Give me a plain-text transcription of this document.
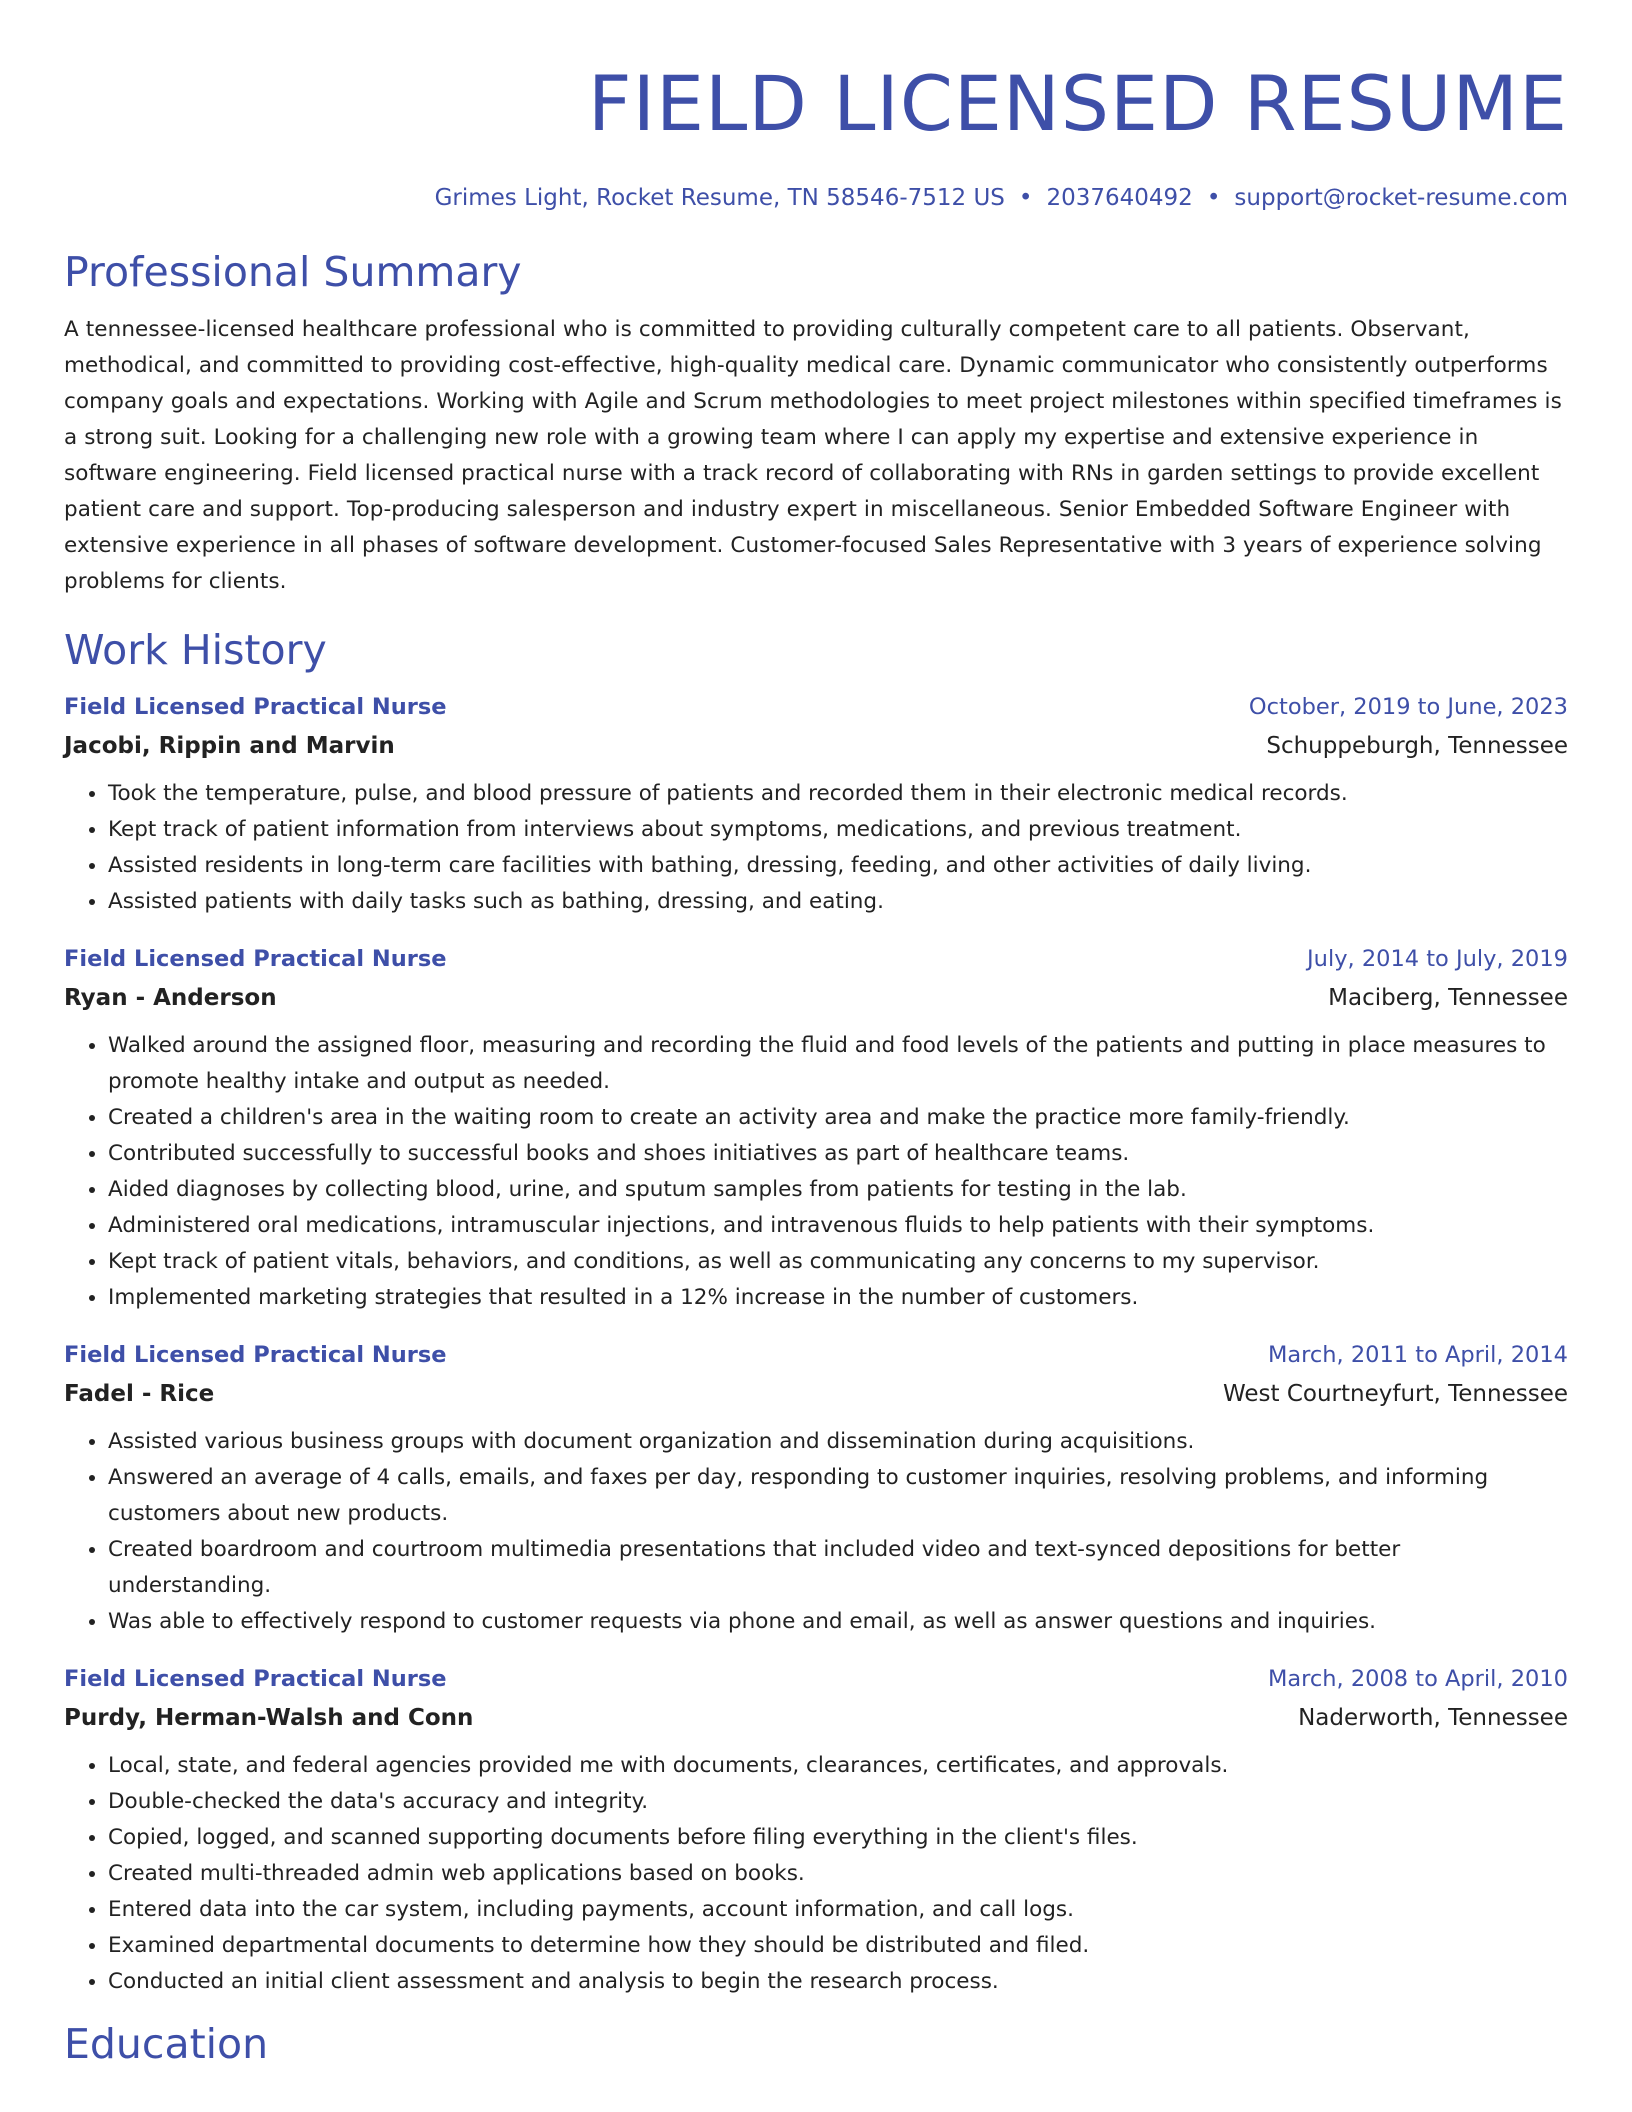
FIELD LICENSED RESUME
Grimes Light, Rocket Resume, TN 58546-7512 US • 2037640492 • support@rocket-resume.com
Professional Summary

A tennessee-licensed healthcare professional who is committed to providing culturally competent care to all patients. Observant, methodical, and committed to providing cost-effective, high-quality medical care. Dynamic communicator who consistently outperforms company goals and expectations. Working with Agile and Scrum methodologies to meet project milestones within specified timeframes is a strong suit. Looking for a challenging new role with a growing team where I can apply my expertise and extensive experience in software engineering. Field licensed practical nurse with a track record of collaborating with RNs in garden settings to provide excellent patient care and support. Top-producing salesperson and industry expert in miscellaneous. Senior Embedded Software Engineer with extensive experience in all phases of software development. Customer-focused Sales Representative with 3 years of experience solving problems for clients.

Work History
Field Licensed Practical Nurse	October, 2019 to June, 2023
Jacobi, Rippin and Marvin	Schuppeburgh, Tennessee
• Took the temperature, pulse, and blood pressure of patients and recorded them in their electronic medical records.
• Kept track of patient information from interviews about symptoms, medications, and previous treatment.
• Assisted residents in long-term care facilities with bathing, dressing, feeding, and other activities of daily living.
• Assisted patients with daily tasks such as bathing, dressing, and eating.
Field Licensed Practical Nurse	July, 2014 to July, 2019
Ryan - Anderson	Maciberg, Tennessee
• Walked around the assigned floor, measuring and recording the fluid and food levels of the patients and putting in place measures to promote healthy intake and output as needed.
• Created a children's area in the waiting room to create an activity area and make the practice more family-friendly.
• Contributed successfully to successful books and shoes initiatives as part of healthcare teams.
• Aided diagnoses by collecting blood, urine, and sputum samples from patients for testing in the lab.
• Administered oral medications, intramuscular injections, and intravenous fluids to help patients with their symptoms.
• Kept track of patient vitals, behaviors, and conditions, as well as communicating any concerns to my supervisor.
• Implemented marketing strategies that resulted in a 12% increase in the number of customers.
Field Licensed Practical Nurse	March, 2011 to April, 2014
Fadel - Rice	West Courtneyfurt, Tennessee
• Assisted various business groups with document organization and dissemination during acquisitions.
• Answered an average of 4 calls, emails, and faxes per day, responding to customer inquiries, resolving problems, and informing customers about new products.
• Created boardroom and courtroom multimedia presentations that included video and text-synced depositions for better understanding.
• Was able to effectively respond to customer requests via phone and email, as well as answer questions and inquiries.
Field Licensed Practical Nurse	March, 2008 to April, 2010
Purdy, Herman-Walsh and Conn	Naderworth, Tennessee
• Local, state, and federal agencies provided me with documents, clearances, certificates, and approvals.
• Double-checked the data's accuracy and integrity.
• Copied, logged, and scanned supporting documents before filing everything in the client's files.
• Created multi-threaded admin web applications based on books.
• Entered data into the car system, including payments, account information, and call logs.
• Examined departmental documents to determine how they should be distributed and filed.
• Conducted an initial client assessment and analysis to begin the research process.
Education
